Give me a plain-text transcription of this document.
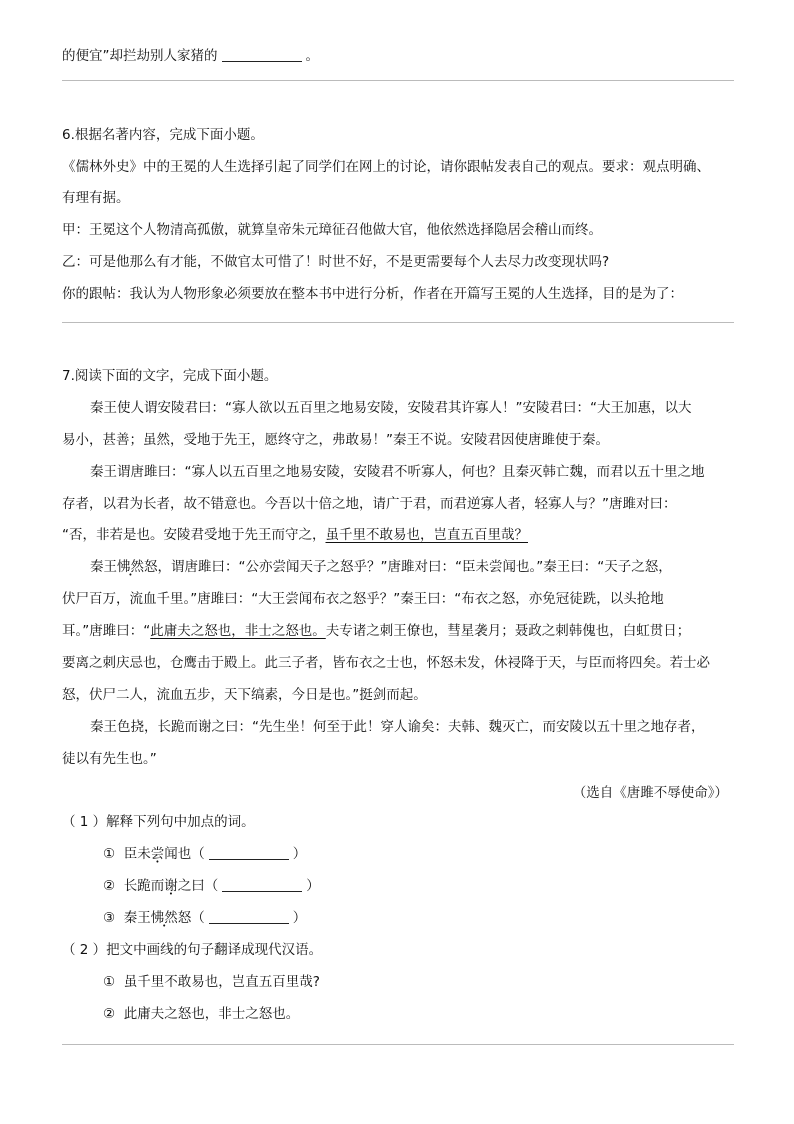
的便宜”却拦劫别人家猪的	。
6.根据名著内容，完成下面小题。
《儒林外史》中的王冕的人生选择引起了同学们在网上的讨论，请你跟帖发表自己的观点。要求：观点明确、
有理有据。
甲：王冕这个人物清高孤傲，就算皇帝朱元璋征召他做大官，他依然选择隐居会稽山而终。
乙：可是他那么有才能，不做官太可惜了！时世不好，不是更需要每个人去尽力改变现状吗?
你的跟帖：我认为人物形象必须要放在整本书中进行分析，作者在开篇写王冕的人生选择，目的是为了：
7.阅读下面的文字，完成下面小题。
秦王使人谓安陵君曰：“寡人欲以五百里之地易安陵，安陵君其许寡人！”安陵君曰：“大王加惠，以大
易小，甚善；虽然，受地于先王，愿终守之，弗敢易！”秦王不说。安陵君因使唐雎使于秦。
秦王谓唐雎曰：“寡人以五百里之地易安陵，安陵君不听寡人，何也？且秦灭韩亡魏，而君以五十里之地
存者，以君为长者，故不错意也。今吾以十倍之地，请广于君，而君逆寡人者，轻寡人与？”唐雎对曰：
“否，非若是也。安陵君受地于先王而守之，虽千里不敢易也，岂直五百里哉？
秦王怫然怒，谓唐雎曰：“公亦尝闻天子之怒乎？”唐雎对曰：“臣未尝闻也。”秦王曰：“天子之怒，
伏尸百万，流血千里。”唐雎曰：“大王尝闻布衣之怒乎？”秦王曰：“布衣之怒，亦免冠徒跣，以头抢地
耳。”唐雎曰：“此庸夫之怒也，非士之怒也。夫专诸之刺王僚也，彗星袭月；聂政之刺韩傀也，白虹贯日；
要离之刺庆忌也，仓鹰击于殿上。此三子者，皆布衣之士也，怀怒未发，休祲降于天，与臣而将四矣。若士必
怒，伏尸二人，流血五步，天下缟素，今日是也。”挺剑而起。
秦王色挠，长跪而谢之曰：“先生坐！何至于此！穿人谕矣：夫韩、魏灭亡，而安陵以五十里之地存者，
徒以有先生也。”
（选自《唐雎不辱使命》）
（ 1 ）解释下列句中加点的词。
① 臣未尝闻也（	）
② 长跪而谢之曰（	）
③ 秦王怫然怒（	）
（ 2 ）把文中画线的句子翻译成现代汉语。
① 虽千里不敢易也，岂直五百里哉?
② 此庸夫之怒也，非士之怒也。
